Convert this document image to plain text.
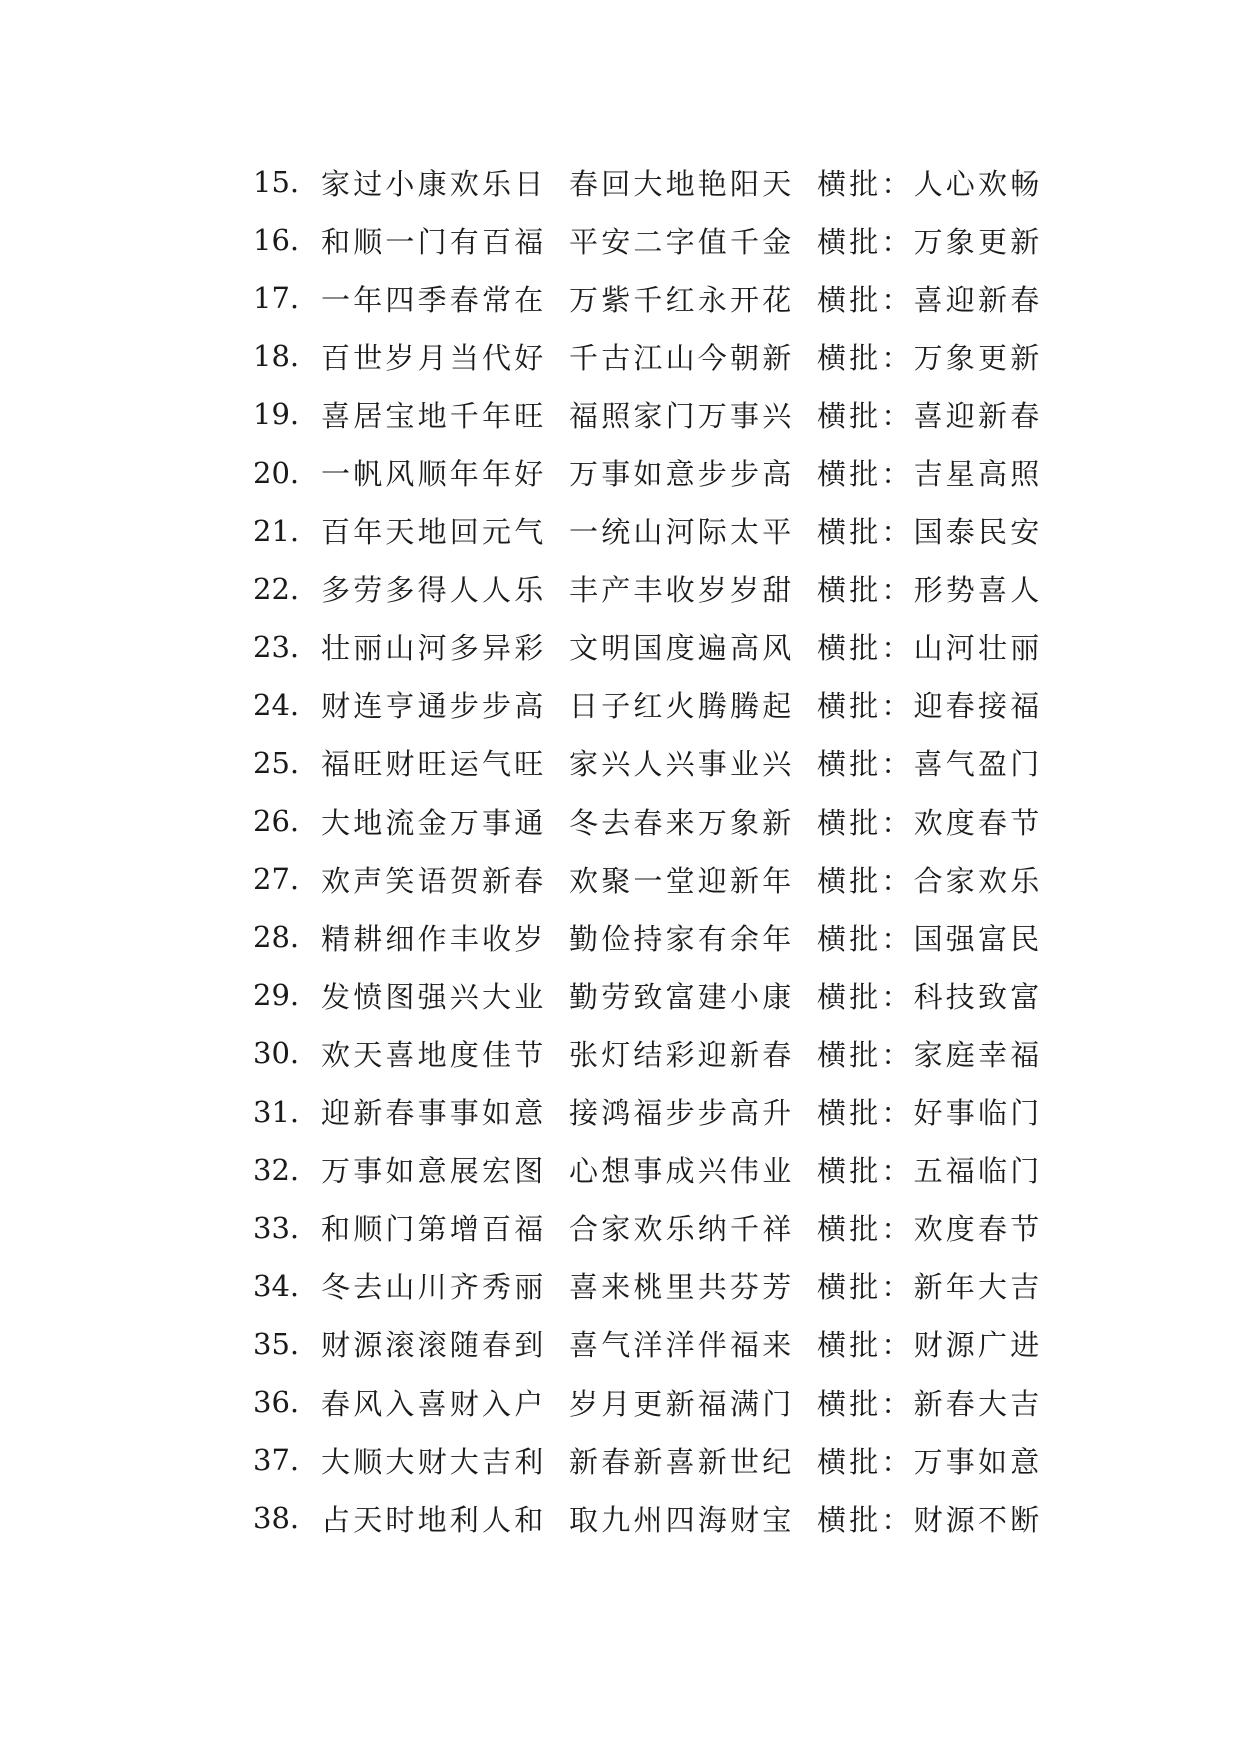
15. 家过小康欢乐日 春回大地艳阳天 横批： 人心欢畅
16. 和顺一门有百福 平安二字值千金 横批： 万象更新
17. 一年四季春常在 万紫千红永开花 横批： 喜迎新春
18. 百世岁月当代好 千古江山今朝新 横批： 万象更新
19. 喜居宝地千年旺 福照家门万事兴 横批： 喜迎新春
20. 一帆风顺年年好 万事如意步步高 横批： 吉星高照
21. 百年天地回元气 一统山河际太平 横批： 国泰民安
22. 多劳多得人人乐 丰产丰收岁岁甜 横批： 形势喜人
23. 壮丽山河多异彩 文明国度遍高风 横批： 山河壮丽
24. 财连亨通步步高 日子红火腾腾起 横批： 迎春接福
25. 福旺财旺运气旺 家兴人兴事业兴 横批： 喜气盈门
26. 大地流金万事通 冬去春来万象新 横批： 欢度春节
27. 欢声笑语贺新春 欢聚一堂迎新年 横批： 合家欢乐
28. 精耕细作丰收岁 勤俭持家有余年 横批： 国强富民
29. 发愤图强兴大业 勤劳致富建小康 横批： 科技致富
30. 欢天喜地度佳节 张灯结彩迎新春 横批： 家庭幸福
31. 迎新春事事如意 接鸿福步步高升 横批： 好事临门
32. 万事如意展宏图 心想事成兴伟业 横批： 五福临门
33. 和顺门第增百福 合家欢乐纳千祥 横批： 欢度春节
34. 冬去山川齐秀丽 喜来桃里共芬芳 横批： 新年大吉
35. 财源滚滚随春到 喜气洋洋伴福来 横批： 财源广进
36. 春风入喜财入户 岁月更新福满门 横批： 新春大吉
37. 大顺大财大吉利 新春新喜新世纪 横批： 万事如意
38. 占天时地利人和 取九州四海财宝 横批： 财源不断
